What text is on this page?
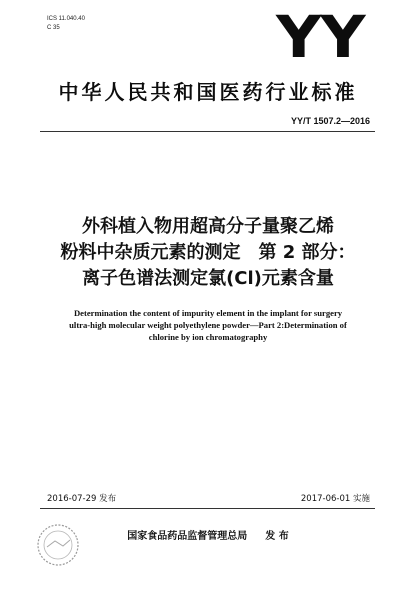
ICS 11.040.40
C 35	YY
中华人民共和国医药行业标准
YY/T 1507.2—2016
外科植入物用超高分子量聚乙烯
粉料中杂质元素的测定　第 2 部分：
离子色谱法测定氯(Cl)元素含量
Determination the content of impurity element in the implant for surgery
ultra-high molecular weight polyethylene powder—Part 2:Determination of
chlorine by ion chromatography
2016-07-29 发布	2017-06-01 实施
国家食品药品监督管理总局 发 布
